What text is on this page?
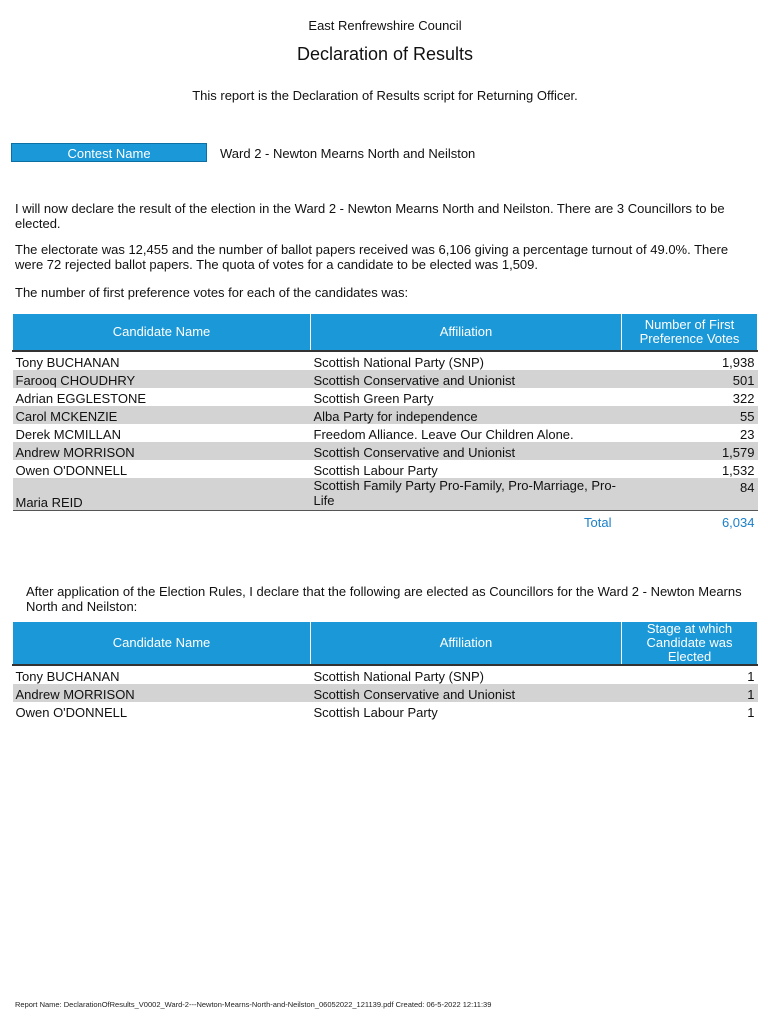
East Renfrewshire Council
Declaration of Results
This report is the Declaration of Results script for Returning Officer.
Contest Name	Ward 2 - Newton Mearns North and Neilston
I will now declare the result of the election in the Ward 2 - Newton Mearns North and Neilston. There are 3 Councillors to be elected.
The electorate was 12,455 and the number of ballot papers received was 6,106 giving a percentage turnout of 49.0%. There were 72 rejected ballot papers. The quota of votes for a candidate to be elected was 1,509.
The number of first preference votes for each of the candidates was:
Candidate Name	Affiliation	Number of First Preference Votes
Tony BUCHANAN	Scottish National Party (SNP)	1,938
Farooq CHOUDHRY	Scottish Conservative and Unionist	501
Adrian EGGLESTONE	Scottish Green Party	322
Carol MCKENZIE	Alba Party for independence	55
Derek MCMILLAN	Freedom Alliance. Leave Our Children Alone.	23
Andrew MORRISON	Scottish Conservative and Unionist	1,579
Owen O'DONNELL	Scottish Labour Party	1,532
Maria REID	Scottish Family Party Pro-Family, Pro-Marriage, Pro-Life	84
	Total	6,034
After application of the Election Rules, I declare that the following are elected as Councillors for the Ward 2 - Newton Mearns North and Neilston:
Candidate Name	Affiliation	Stage at which Candidate was Elected
Tony BUCHANAN	Scottish National Party (SNP)	1
Andrew MORRISON	Scottish Conservative and Unionist	1
Owen O'DONNELL	Scottish Labour Party	1
Report Name: DeclarationOfResults_V0002_Ward-2---Newton-Mearns-North-and-Neilston_06052022_121139.pdf Created: 06-5-2022 12:11:39
